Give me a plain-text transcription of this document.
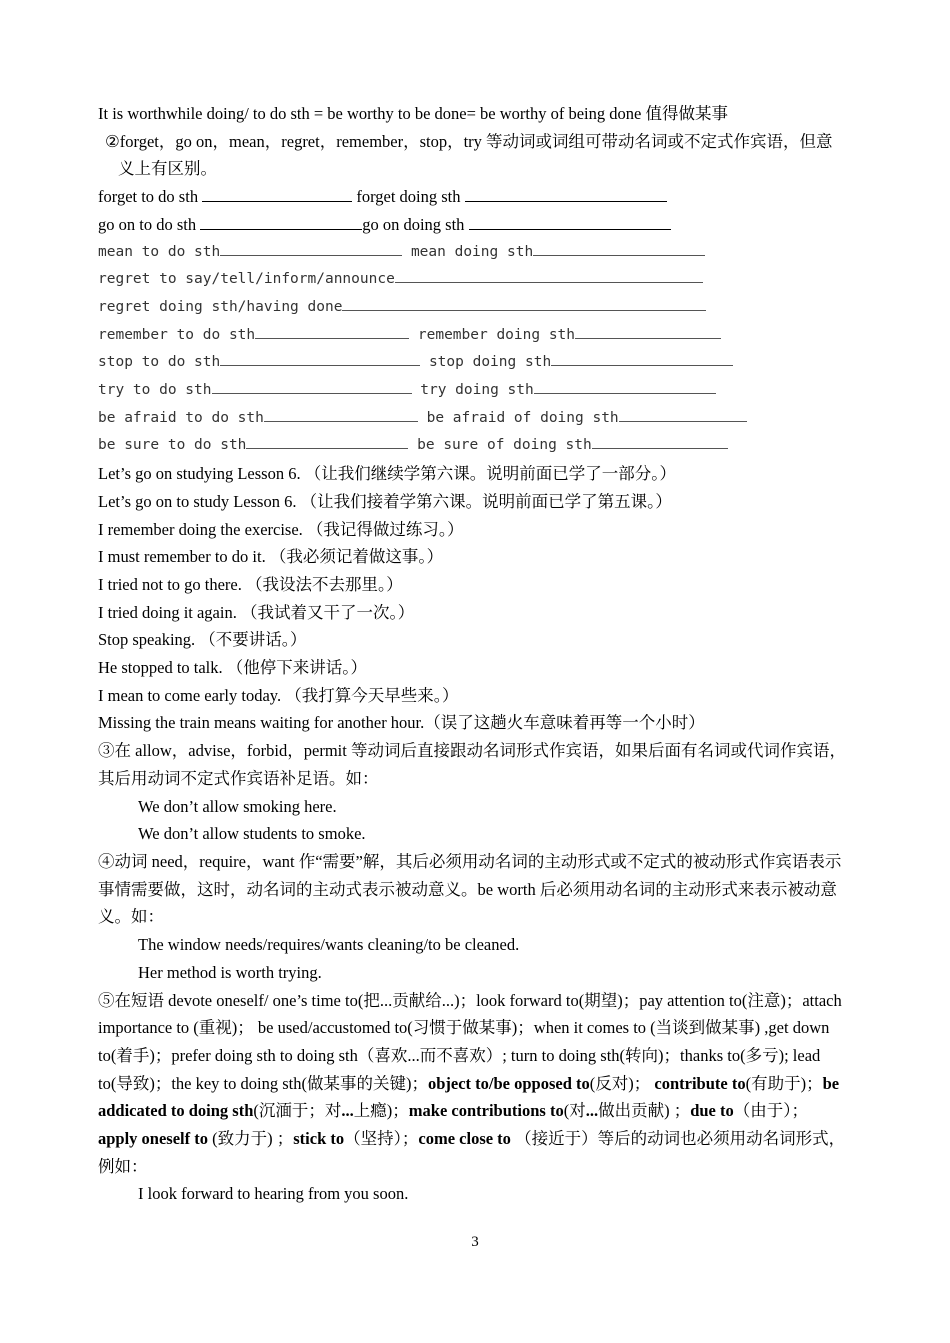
It is worthwhile doing/ to do sth = be worthy to be done= be worthy of being done 值得做某事
②forget，go on，mean，regret，remember，stop，try 等动词或词组可带动名词或不定式作宾语，但意义上有区别。
forget to do sth	forget doing sth
go on to do sth	go on doing sth
mean to do sth	mean doing sth
regret to say/tell/inform/announce
regret doing sth/having done
remember to do sth	remember doing sth
stop to do sth	stop doing sth
try to do sth	try doing sth
be afraid to do sth	be afraid of doing sth
be sure to do sth	be sure of doing sth
Let’s go on studying Lesson 6. （让我们继续学第六课。说明前面已学了一部分。）
Let’s go on to study Lesson 6. （让我们接着学第六课。说明前面已学了第五课。）
I remember doing the exercise. （我记得做过练习。）
I must remember to do it. （我必须记着做这事。）
I tried not to go there. （我设法不去那里。）
I tried doing it again. （我试着又干了一次。）
Stop speaking. （不要讲话。）
He stopped to talk. （他停下来讲话。）
I mean to come early today. （我打算今天早些来。）
Missing the train means waiting for another hour.（误了这趟火车意味着再等一个小时）
③在 allow，advise，forbid，permit 等动词后直接跟动名词形式作宾语，如果后面有名词或代词作宾语，其后用动词不定式作宾语补足语。如：
We don’t allow smoking here.
We don’t allow students to smoke.
④动词 need，require，want 作“需要”解，其后必须用动名词的主动形式或不定式的被动形式作宾语表示事情需要做，这时，动名词的主动式表示被动意义。be worth 后必须用动名词的主动形式来表示被动意义。如：
The window needs/requires/wants cleaning/to be cleaned.
Her method is worth trying.
⑤在短语 devote oneself/ one’s time to(把...贡献给...)；look forward to(期望)；pay attention to(注意)；attach importance to (重视)； be used/accustomed to(习惯于做某事)；when it comes to (当谈到做某事) ,get down to(着手)；prefer doing sth to doing sth（喜欢...而不喜欢）; turn to doing sth(转向)；thanks to(多亏); lead to(导致)；the key to doing sth(做某事的关键)；object to/be opposed to(反对)； contribute to(有助于)；be addicated to doing sth(沉湎于；对...上瘾)；make contributions to(对...做出贡献) ；due to（由于）；apply oneself to (致力于) ；stick to（坚持）；come close to （接近于）等后的动词也必须用动名词形式，例如：
I look forward to hearing from you soon.
3
